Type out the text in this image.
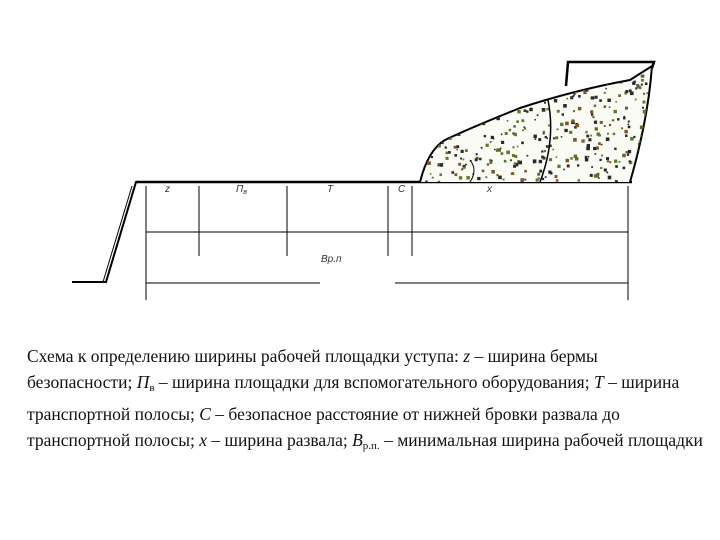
z	$П_в$	T	C	x
Bp.п
Схема к определению ширины рабочей площадки уступа: z – ширина бермы безопасности; $П_в$ – ширина площадки для вспомогательного оборудования; Т – ширина транспортной полосы; С – безопасное расстояние от нижней бровки развала до транспортной полосы; х – ширина развала; $В_{р.п.}$ – минимальная ширина рабочей площадки
